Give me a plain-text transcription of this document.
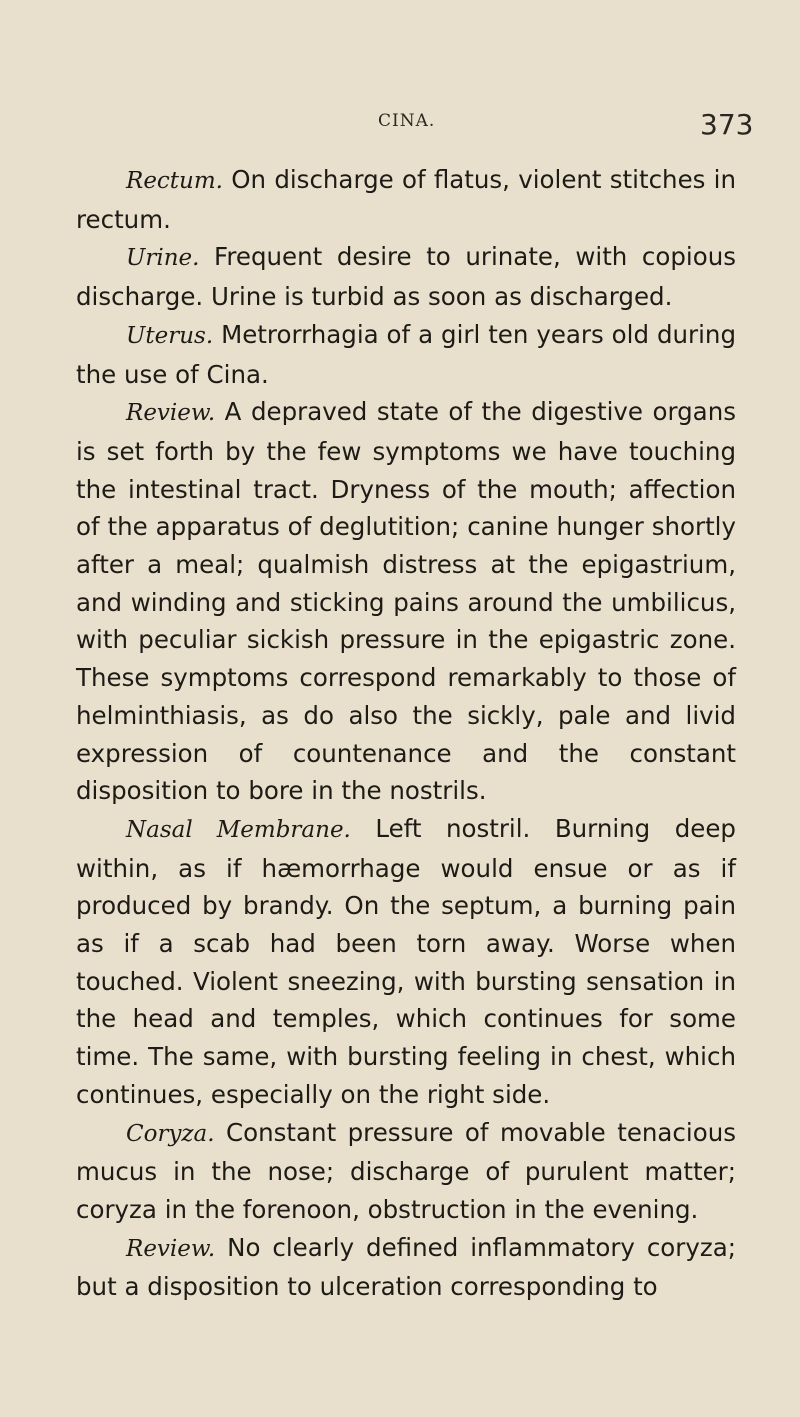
CINA.	373

Rectum. On discharge of flatus, violent stitches in rectum.

Urine. Frequent desire to urinate, with copious discharge. Urine is turbid as soon as discharged.

Uterus. Metrorrhagia of a girl ten years old during the use of Cina.

Review. A depraved state of the digestive organs is set forth by the few symptoms we have touching the intestinal tract. Dryness of the mouth; affection of the apparatus of deglutition; canine hunger shortly after a meal; qualmish distress at the epigastrium, and winding and sticking pains around the umbilicus, with peculiar sickish pressure in the epigastric zone. These symptoms correspond remarkably to those of helminthiasis, as do also the sickly, pale and livid expression of countenance and the constant disposition to bore in the nostrils.

Nasal Membrane. Left nostril. Burning deep within, as if hæmorrhage would ensue or as if produced by brandy. On the septum, a burning pain as if a scab had been torn away. Worse when touched. Violent sneezing, with bursting sensation in the head and temples, which continues for some time. The same, with bursting feeling in chest, which continues, especially on the right side.

Coryza. Constant pressure of movable tenacious mucus in the nose; discharge of purulent matter; coryza in the forenoon, obstruction in the evening.

Review. No clearly defined inflammatory coryza; but a disposition to ulceration corresponding to
